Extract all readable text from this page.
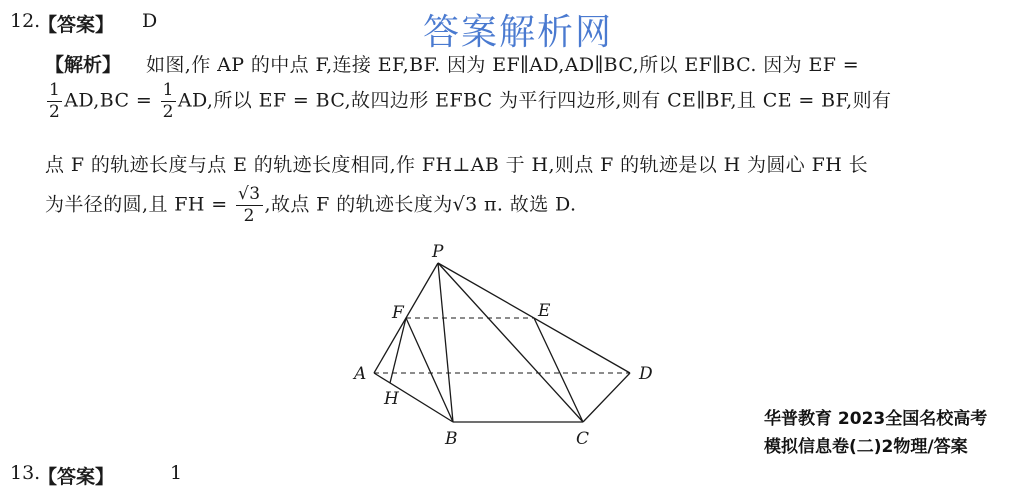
12.
【答案】 D	答案解析网
【解析】 如图,作 AP 的中点 F,连接 EF,BF. 因为 EF∥AD,AD∥BC,所以 EF∥BC. 因为 EF =
$\frac{1}{2} AD,BC = \frac{1}{2}$ AD,所以 EF = BC,故四边形 EFBC 为平行四边形,则有 CE∥BF,且 CE = BF,则有
点 F 的轨迹长度与点 E 的轨迹长度相同,作 FH⊥AB 于 H,则点 F 的轨迹是以 H 为圆心 FH 长
为半径的圆,且 FH = $\frac{√3}{2}$ ,故点 F 的轨迹长度为√3 π. 故选 D.
P
F	E
A	D
H
B	C
华普教育 2023全国名校高考
模拟信息卷(二)2物理/答案
13.
【答案】	1
